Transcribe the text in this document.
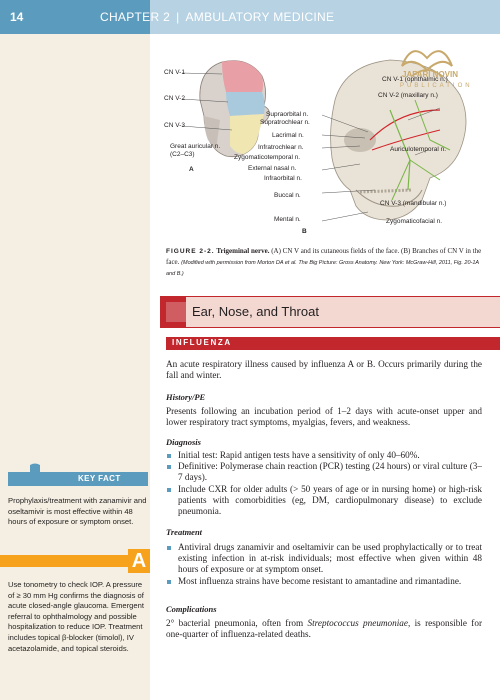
14	CHAPTER 2 | AMBULATORY MEDICINE
CN V-1
CN V-2
CN V-3
Great auricular n.
(C2–C3)
A
Supraorbital n.
Supratrochlear n.
Lacrimal n.
Infratrochlear n.
Zygomaticotemporal n.
External nasal n.
Infraorbital n.
Buccal n.
Mental n.
B
CN V-1 (ophthalmic n.)
CN V-2 (maxillary n.)
Auriculotemporal n.
CN V-3 (mandibular n.)
Zygomaticofacial n.
JAFARI NOVIN
PUBLICATION
FIGURE 2-2. Trigeminal nerve. (A) CN V and its cutaneous fields of the face. (B) Branches of CN V in the face. (Modified with permission from Morton DA et al. The Big Picture: Gross Anatomy. New York: McGraw-Hill, 2011, Fig. 20-1A and B.)
Ear, Nose, and Throat
INFLUENZA
An acute respiratory illness caused by influenza A or B. Occurs primarily during the fall and winter.
History/PE
Presents following an incubation period of 1–2 days with acute-onset upper and lower respiratory tract symptoms, myalgias, fevers, and weakness.
Diagnosis
Initial test: Rapid antigen tests have a sensitivity of only 40–60%.
Definitive: Polymerase chain reaction (PCR) testing (24 hours) or viral culture (3–7 days).
Include CXR for older adults (> 50 years of age or in nursing home) or high-risk patients with comorbidities (eg, DM, cardiopulmonary disease) to exclude pneumonia.
Treatment
Antiviral drugs zanamivir and oseltamivir can be used prophylactically or to treat existing infection in at-risk individuals; most effective when given within 48 hours of exposure or at symptom onset.
Most influenza strains have become resistant to amantadine and rimantadine.
Complications
2° bacterial pneumonia, often from Streptococcus pneumoniae, is responsible for one-quarter of influenza-related deaths.
KEY FACT
Prophylaxis/treatment with zanamivir and oseltamivir is most effective within 48 hours of exposure or symptom onset.
A
Use tonometry to check IOP. A pressure of ≥ 30 mm Hg confirms the diagnosis of acute closed-angle glaucoma. Emergent referral to ophthalmology and possible hospitalization to reduce IOP. Treatment includes topical β-blocker (timolol), IV acetazolamide, and topical steroids.
